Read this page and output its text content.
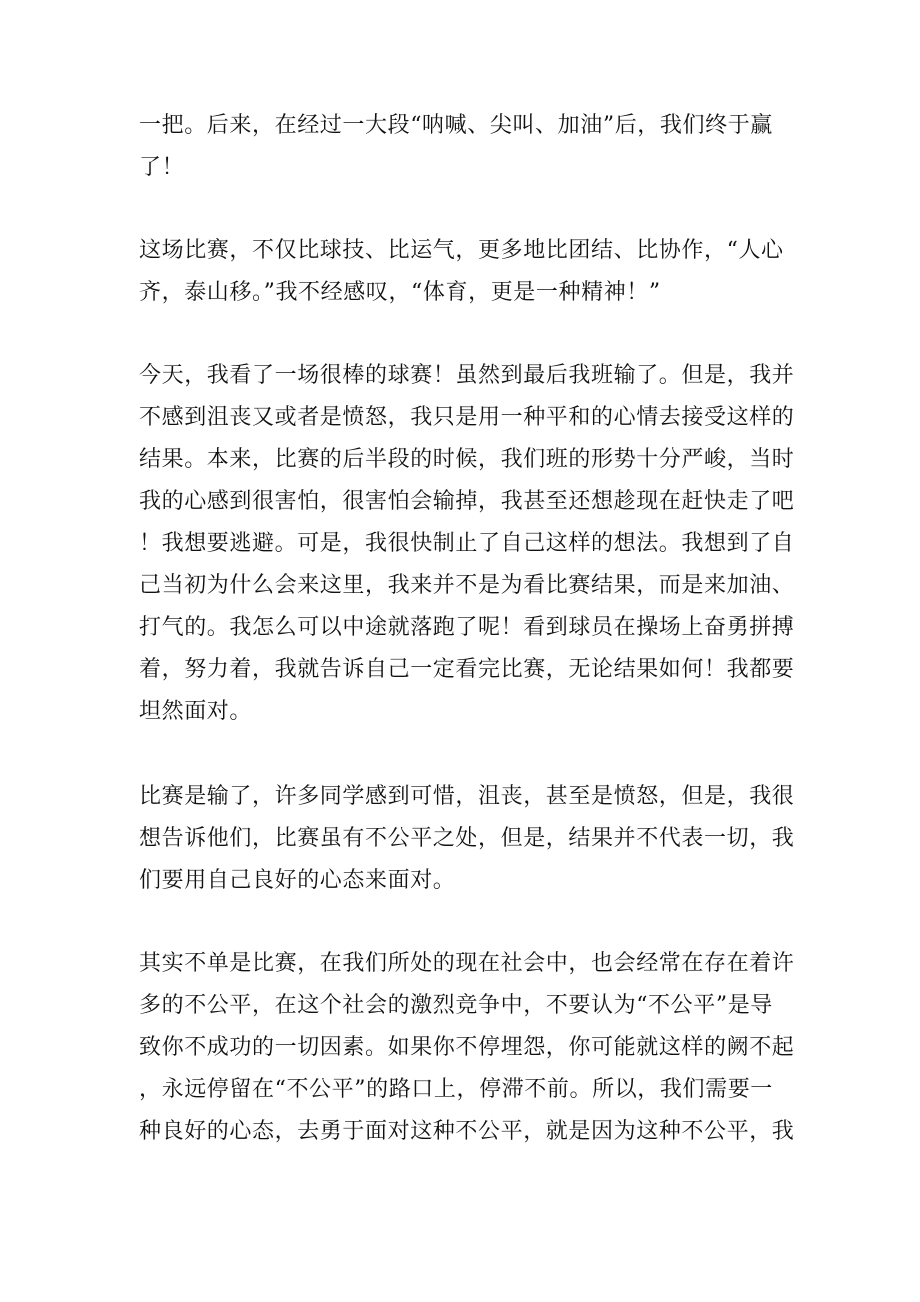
一把。后来，在经过一大段“呐喊、尖叫、加油”后，我们终于赢
了！
这场比赛，不仅比球技、比运气，更多地比团结、比协作，“人心
齐，泰山移。”我不经感叹，“体育，更是一种精神！”
今天，我看了一场很棒的球赛！虽然到最后我班输了。但是，我并
不感到沮丧又或者是愤怒，我只是用一种平和的心情去接受这样的
结果。本来，比赛的后半段的时候，我们班的形势十分严峻，当时
我的心感到很害怕，很害怕会输掉，我甚至还想趁现在赶快走了吧
！我想要逃避。可是，我很快制止了自己这样的想法。我想到了自
己当初为什么会来这里，我来并不是为看比赛结果，而是来加油、
打气的。我怎么可以中途就落跑了呢！看到球员在操场上奋勇拼搏
着，努力着，我就告诉自己一定看完比赛，无论结果如何！我都要
坦然面对。
比赛是输了，许多同学感到可惜，沮丧，甚至是愤怒，但是，我很
想告诉他们，比赛虽有不公平之处，但是，结果并不代表一切，我
们要用自己良好的心态来面对。
其实不单是比赛，在我们所处的现在社会中，也会经常在存在着许
多的不公平，在这个社会的激烈竞争中，不要认为“不公平”是导
致你不成功的一切因素。如果你不停埋怨，你可能就这样的阙不起
，永远停留在“不公平”的路口上，停滞不前。所以，我们需要一
种良好的心态，去勇于面对这种不公平，就是因为这种不公平，我
